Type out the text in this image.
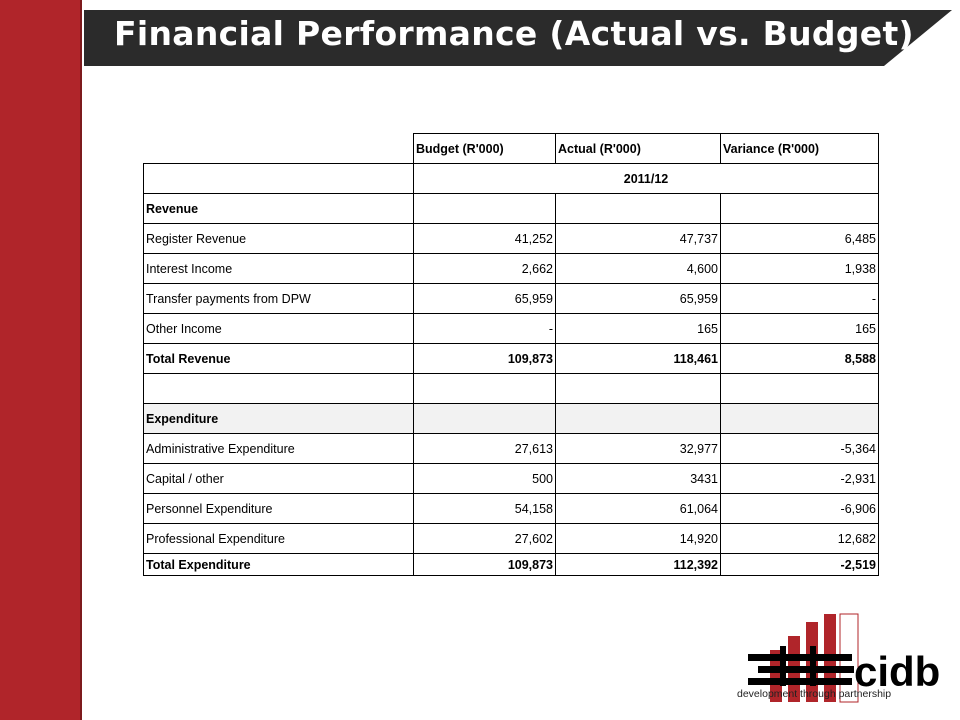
Financial Performance (Actual vs. Budget)
	Budget (R'000)	Actual (R'000)	Variance (R'000)
	2011/12		
Revenue			
Register Revenue	41,252	47,737	6,485
Interest Income	2,662	4,600	1,938
Transfer payments from DPW	65,959	65,959	-
Other Income	-	165	165
Total Revenue	109,873	118,461	8,588

Expenditure			
Administrative Expenditure	27,613	32,977	-5,364
Capital / other	500	3431	-2,931
Personnel Expenditure	54,158	61,064	-6,906
Professional Expenditure	27,602	14,920	12,682
Total Expenditure	109,873	112,392	-2,519
cidb
development through partnership
